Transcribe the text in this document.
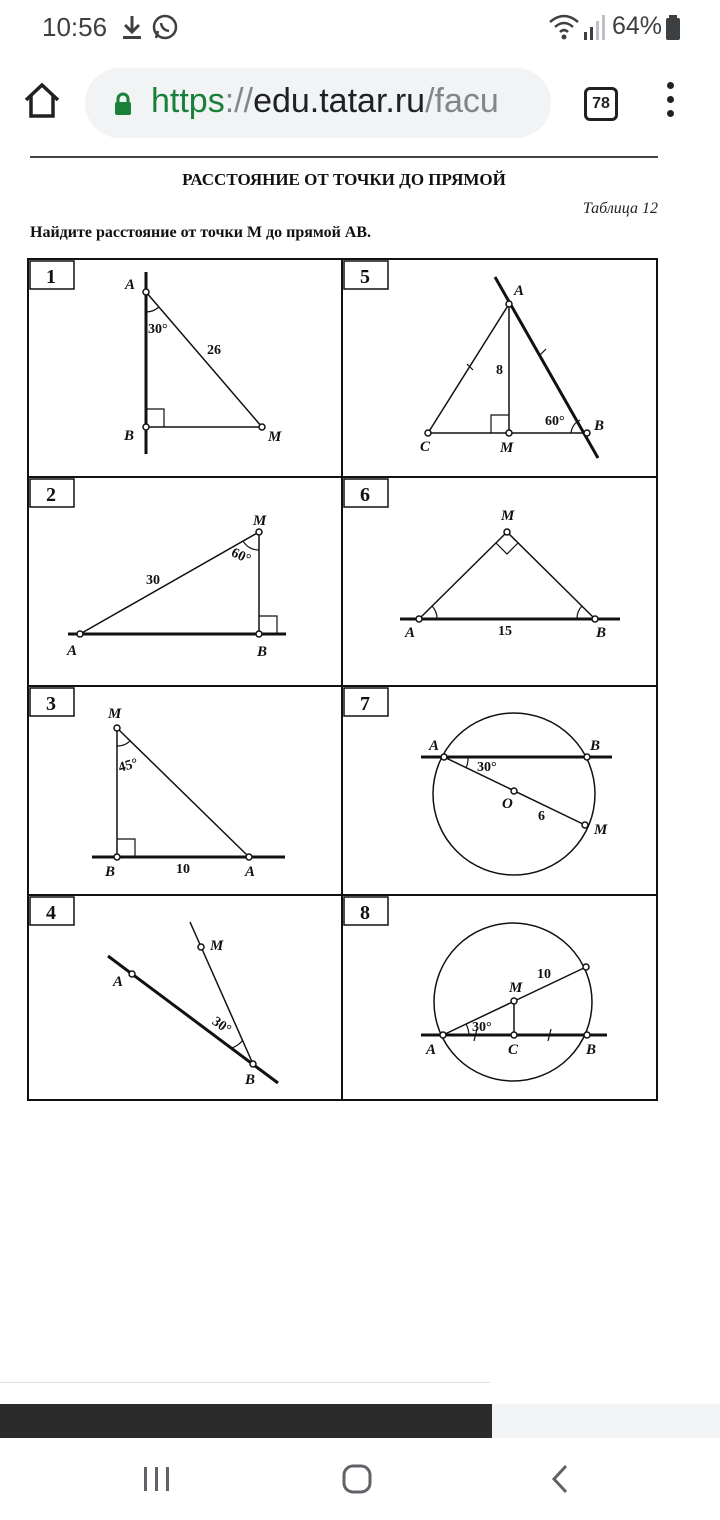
10:56	64%
https://edu.tatar.ru/facu	78
РАССТОЯНИЕ ОТ ТОЧКИ ДО ПРЯМОЙ
Таблица 12
Найдите расстояние от точки M до прямой AB.
1	5
2	6
3	7
4	8
A
B	M
30°
26
A
C	M
B
8
60°
M
A	B
60°
30
M
A	B
15
M
B	A
45°
10
A	B
O
M
30°
6
A
M
B
30°
M
A	C	B
30°
10
